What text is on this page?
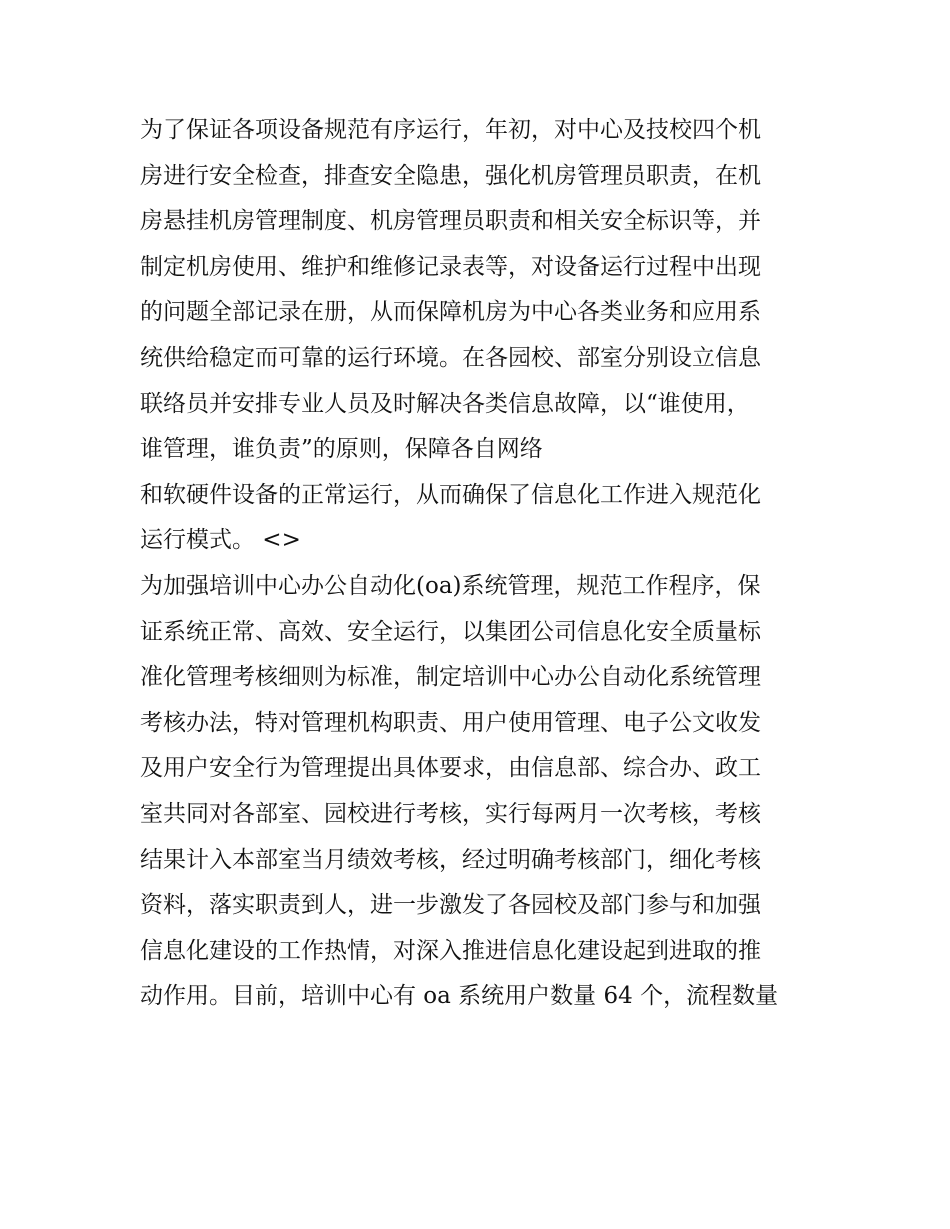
为了保证各项设备规范有序运行，年初，对中心及技校四个机
房进行安全检查，排查安全隐患，强化机房管理员职责，在机
房悬挂机房管理制度、机房管理员职责和相关安全标识等，并
制定机房使用、维护和维修记录表等，对设备运行过程中出现
的问题全部记录在册，从而保障机房为中心各类业务和应用系
统供给稳定而可靠的运行环境。在各园校、部室分别设立信息
联络员并安排专业人员及时解决各类信息故障，以“谁使用，
谁管理，谁负责”的原则，保障各自网络
和软硬件设备的正常运行，从而确保了信息化工作进入规范化
运行模式。 <>
为加强培训中心办公自动化(oa)系统管理，规范工作程序，保
证系统正常、高效、安全运行，以集团公司信息化安全质量标
准化管理考核细则为标准，制定培训中心办公自动化系统管理
考核办法，特对管理机构职责、用户使用管理、电子公文收发
及用户安全行为管理提出具体要求，由信息部、综合办、政工
室共同对各部室、园校进行考核，实行每两月一次考核，考核
结果计入本部室当月绩效考核，经过明确考核部门，细化考核
资料，落实职责到人，进一步激发了各园校及部门参与和加强
信息化建设的工作热情，对深入推进信息化建设起到进取的推
动作用。目前，培训中心有 oa 系统用户数量 64 个，流程数量
